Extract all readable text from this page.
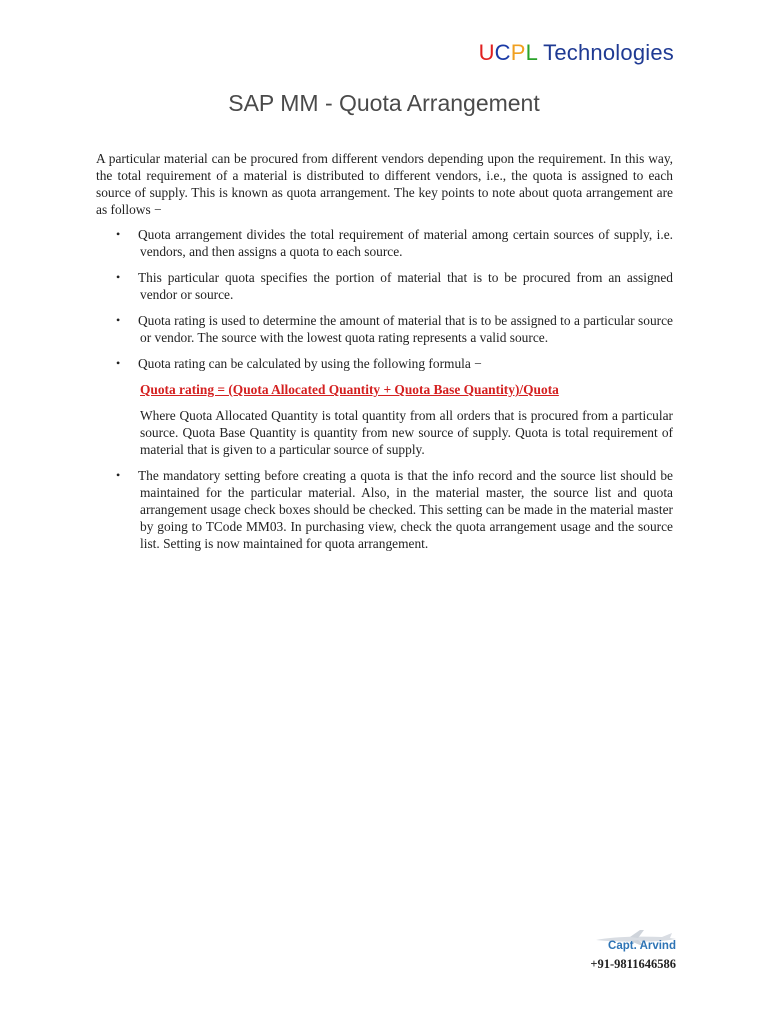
UCPL Technologies
SAP MM - Quota Arrangement

A particular material can be procured from different vendors depending upon the requirement. In this way, the total requirement of a material is distributed to different vendors, i.e., the quota is assigned to each source of supply. This is known as quota arrangement. The key points to note about quota arrangement are as follows −

• Quota arrangement divides the total requirement of material among certain sources of supply, i.e. vendors, and then assigns a quota to each source.
• This particular quota specifies the portion of material that is to be procured from an assigned vendor or source.
• Quota rating is used to determine the amount of material that is to be assigned to a particular source or vendor. The source with the lowest quota rating represents a valid source.
• Quota rating can be calculated by using the following formula −
Quota rating = (Quota Allocated Quantity + Quota Base Quantity)/Quota
Where Quota Allocated Quantity is total quantity from all orders that is procured from a particular source. Quota Base Quantity is quantity from new source of supply. Quota is total requirement of material that is given to a particular source of supply.
• The mandatory setting before creating a quota is that the info record and the source list should be maintained for the particular material. Also, in the material master, the source list and quota arrangement usage check boxes should be checked. This setting can be made in the material master by going to TCode MM03. In purchasing view, check the quota arrangement usage and the source list. Setting is now maintained for quota arrangement.
Capt. Arvind
+91-9811646586
